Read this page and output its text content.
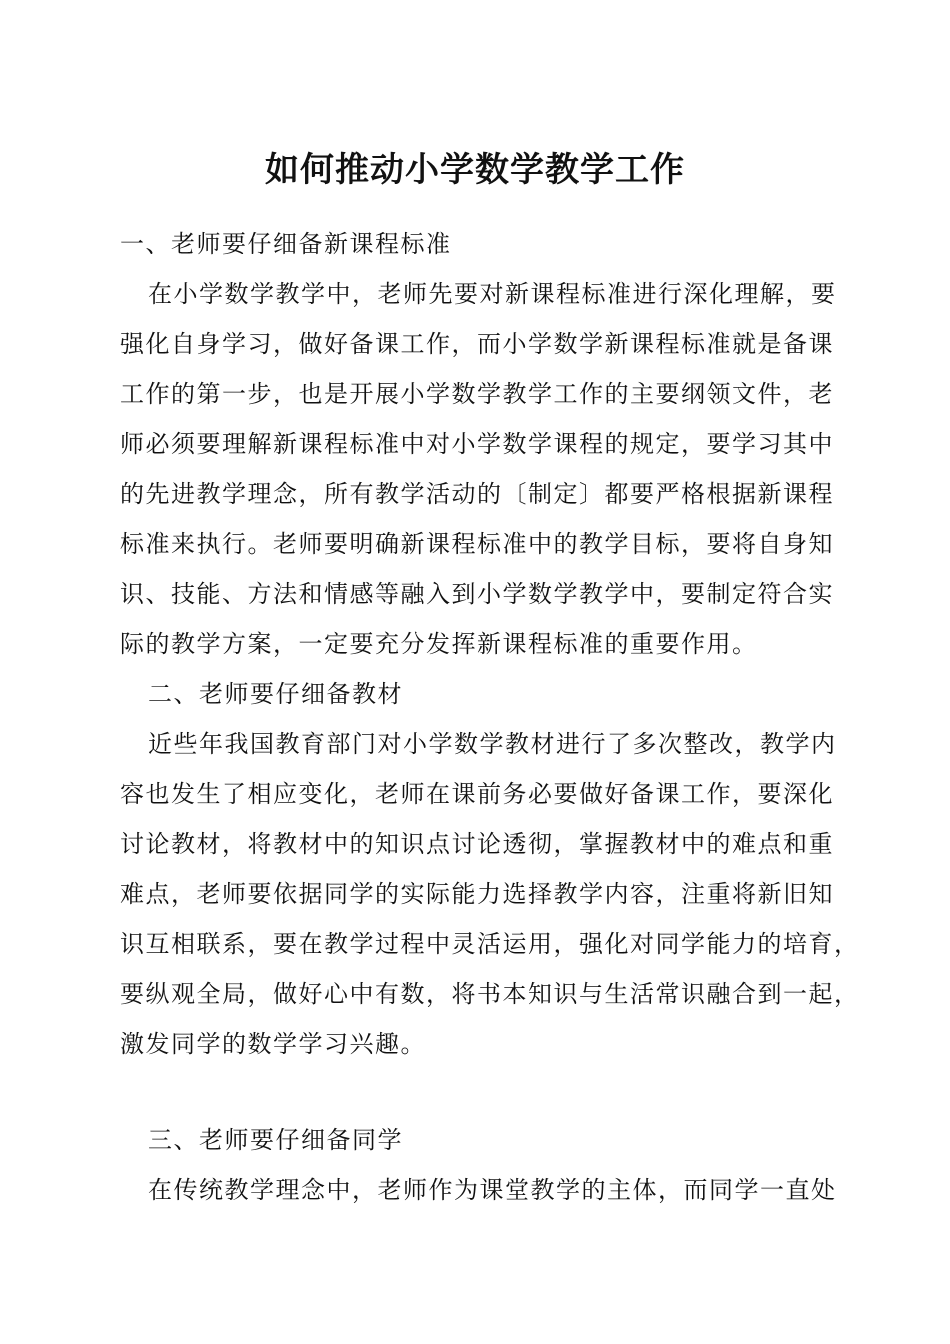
如何推动小学数学教学工作
一、老师要仔细备新课程标准
在小学数学教学中，老师先要对新课程标准进行深化理解，要
强化自身学习，做好备课工作，而小学数学新课程标准就是备课
工作的第一步，也是开展小学数学教学工作的主要纲领文件，老
师必须要理解新课程标准中对小学数学课程的规定，要学习其中
的先进教学理念，所有教学活动的〔制定〕都要严格根据新课程
标准来执行。老师要明确新课程标准中的教学目标，要将自身知
识、技能、方法和情感等融入到小学数学教学中，要制定符合实
际的教学方案，一定要充分发挥新课程标准的重要作用。
二、老师要仔细备教材
近些年我国教育部门对小学数学教材进行了多次整改，教学内
容也发生了相应变化，老师在课前务必要做好备课工作，要深化
讨论教材，将教材中的知识点讨论透彻，掌握教材中的难点和重
难点，老师要依据同学的实际能力选择教学内容，注重将新旧知
识互相联系，要在教学过程中灵活运用，强化对同学能力的培育，
要纵观全局，做好心中有数，将书本知识与生活常识融合到一起，
激发同学的数学学习兴趣。
三、老师要仔细备同学
在传统教学理念中，老师作为课堂教学的主体，而同学一直处
